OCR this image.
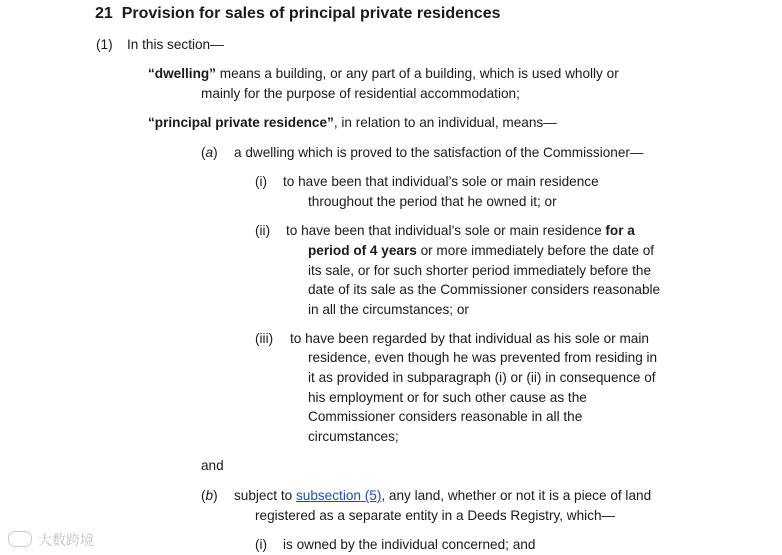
21 Provision for sales of principal private residences
(1) In this section—
“dwelling” means a building, or any part of a building, which is used wholly or
mainly for the purpose of residential accommodation;
“principal private residence”, in relation to an individual, means—
(a) a dwelling which is proved to the satisfaction of the Commissioner—
(i) to have been that individual’s sole or main residence
throughout the period that he owned it; or
(ii) to have been that individual’s sole or main residence for a
period of 4 years or more immediately before the date of
its sale, or for such shorter period immediately before the
date of its sale as the Commissioner considers reasonable
in all the circumstances; or
(iii) to have been regarded by that individual as his sole or main
residence, even though he was prevented from residing in
it as provided in subparagraph (i) or (ii) in consequence of
his employment or for such other cause as the
Commissioner considers reasonable in all the
circumstances;
and
(b) subject to subsection (5), any land, whether or not it is a piece of land
registered as a separate entity in a Deeds Registry, which—
(i) is owned by the individual concerned; and
大数跨境
